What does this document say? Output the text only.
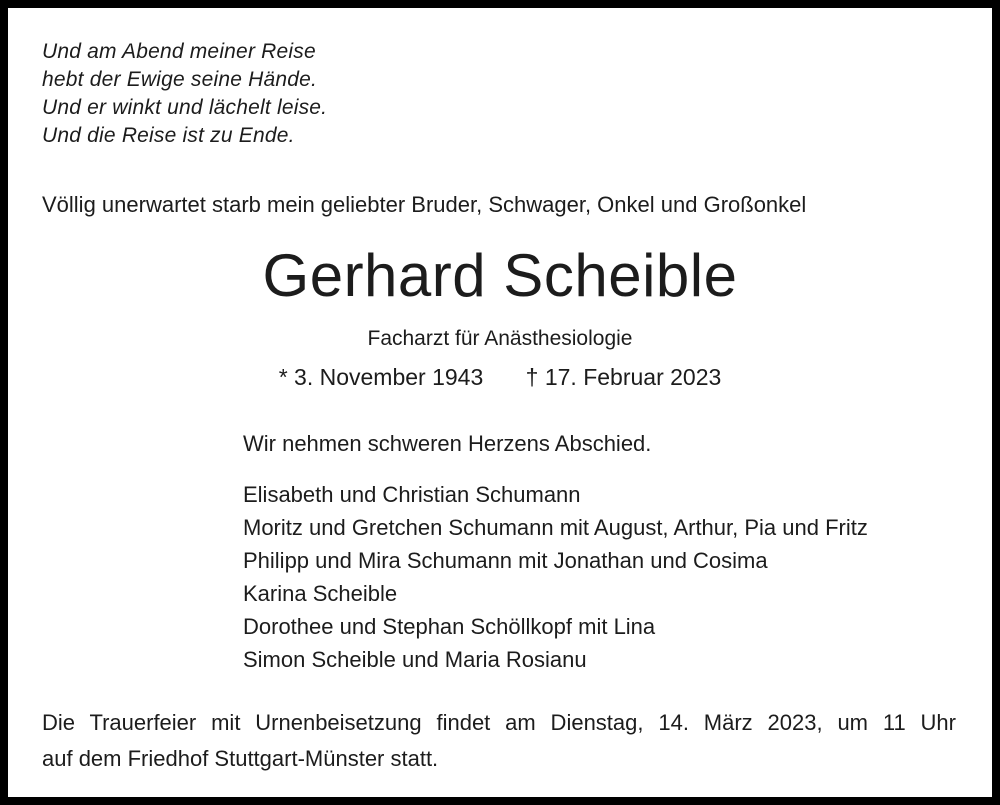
Und am Abend meiner Reise
hebt der Ewige seine Hände.
Und er winkt und lächelt leise.
Und die Reise ist zu Ende.
Völlig unerwartet starb mein geliebter Bruder, Schwager, Onkel und Großonkel
Gerhard Scheible
Facharzt für Anästhesiologie
* 3. November 1943 † 17. Februar 2023
Wir nehmen schweren Herzens Abschied.
Elisabeth und Christian Schumann
Moritz und Gretchen Schumann mit August, Arthur, Pia und Fritz
Philipp und Mira Schumann mit Jonathan und Cosima
Karina Scheible
Dorothee und Stephan Schöllkopf mit Lina
Simon Scheible und Maria Rosianu
Die Trauerfeier mit Urnenbeisetzung findet am Dienstag, 14. März 2023, um 11 Uhr
auf dem Friedhof Stuttgart-Münster statt.
